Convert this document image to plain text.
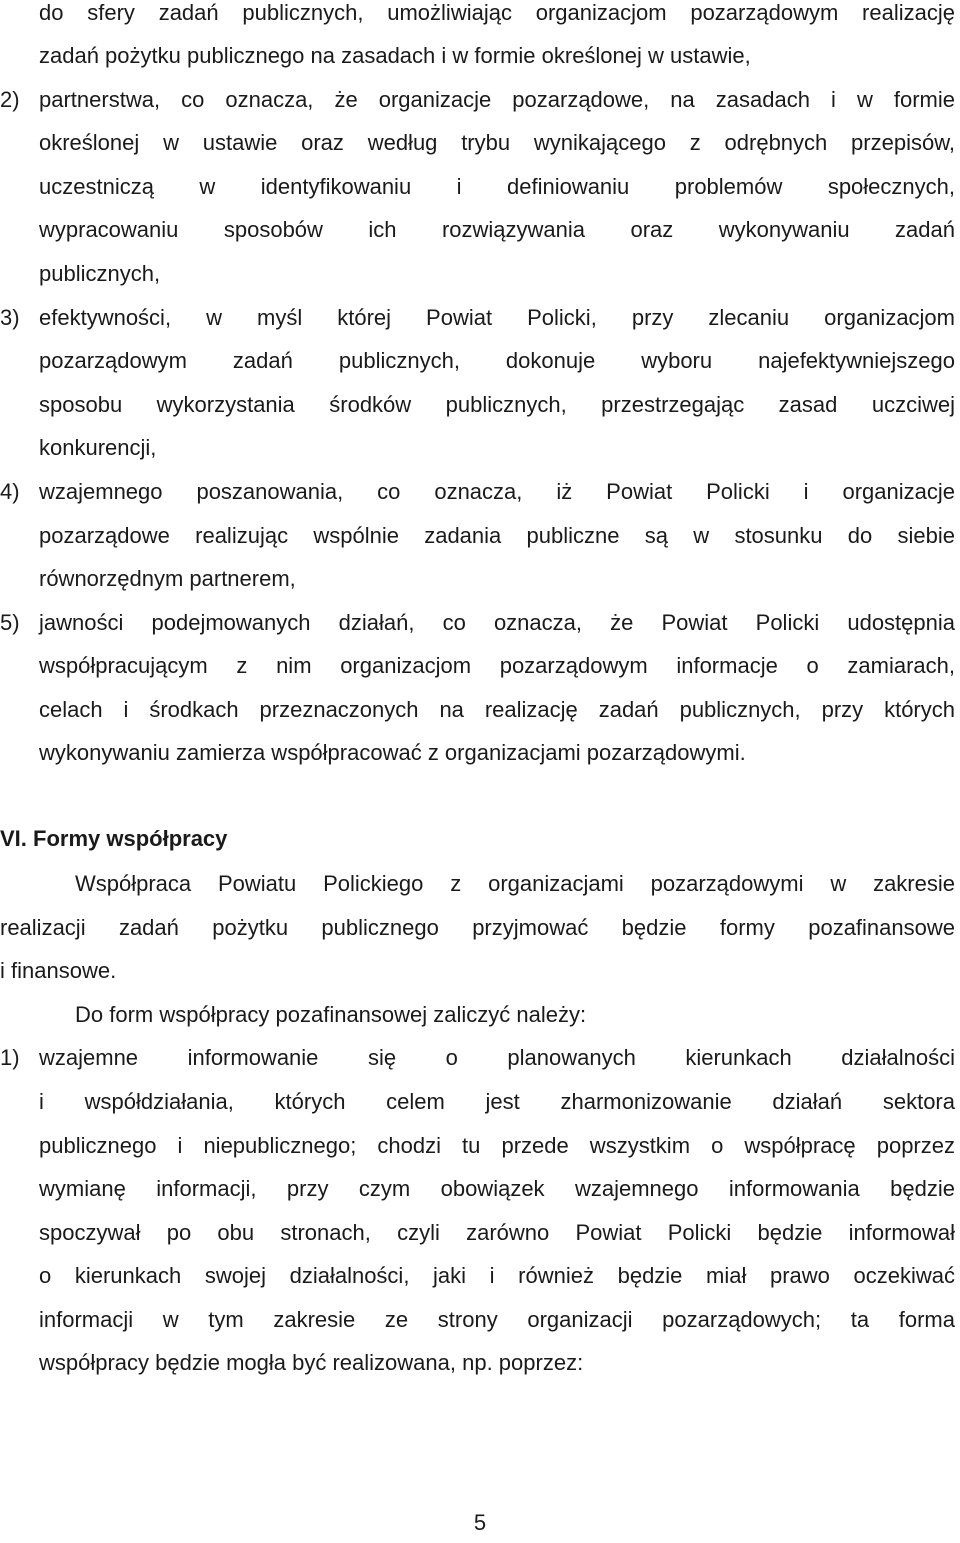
do sfery zadań publicznych, umożliwiając organizacjom pozarządowym realizację
zadań pożytku publicznego na zasadach i w formie określonej w ustawie,
2) partnerstwa, co oznacza, że organizacje pozarządowe, na zasadach i w formie
określonej w ustawie oraz według trybu wynikającego z odrębnych przepisów,
uczestniczą w identyfikowaniu i definiowaniu problemów społecznych,
wypracowaniu sposobów ich rozwiązywania oraz wykonywaniu zadań
publicznych,
3) efektywności, w myśl której Powiat Policki, przy zlecaniu organizacjom
pozarządowym zadań publicznych, dokonuje wyboru najefektywniejszego
sposobu wykorzystania środków publicznych, przestrzegając zasad uczciwej
konkurencji,
4) wzajemnego poszanowania, co oznacza, iż Powiat Policki i organizacje
pozarządowe realizując wspólnie zadania publiczne są w stosunku do siebie
równorzędnym partnerem,
5) jawności podejmowanych działań, co oznacza, że Powiat Policki udostępnia
współpracującym z nim organizacjom pozarządowym informacje o zamiarach,
celach i środkach przeznaczonych na realizację zadań publicznych, przy których
wykonywaniu zamierza współpracować z organizacjami pozarządowymi.
VI. Formy współpracy
Współpraca Powiatu Polickiego z organizacjami pozarządowymi w zakresie
realizacji zadań pożytku publicznego przyjmować będzie formy pozafinansowe
i finansowe.
Do form współpracy pozafinansowej zaliczyć należy:
1) wzajemne informowanie się o planowanych kierunkach działalności
i współdziałania, których celem jest zharmonizowanie działań sektora
publicznego i niepublicznego; chodzi tu przede wszystkim o współpracę poprzez
wymianę informacji, przy czym obowiązek wzajemnego informowania będzie
spoczywał po obu stronach, czyli zarówno Powiat Policki będzie informował
o kierunkach swojej działalności, jaki i również będzie miał prawo oczekiwać
informacji w tym zakresie ze strony organizacji pozarządowych; ta forma
współpracy będzie mogła być realizowana, np. poprzez:
5
